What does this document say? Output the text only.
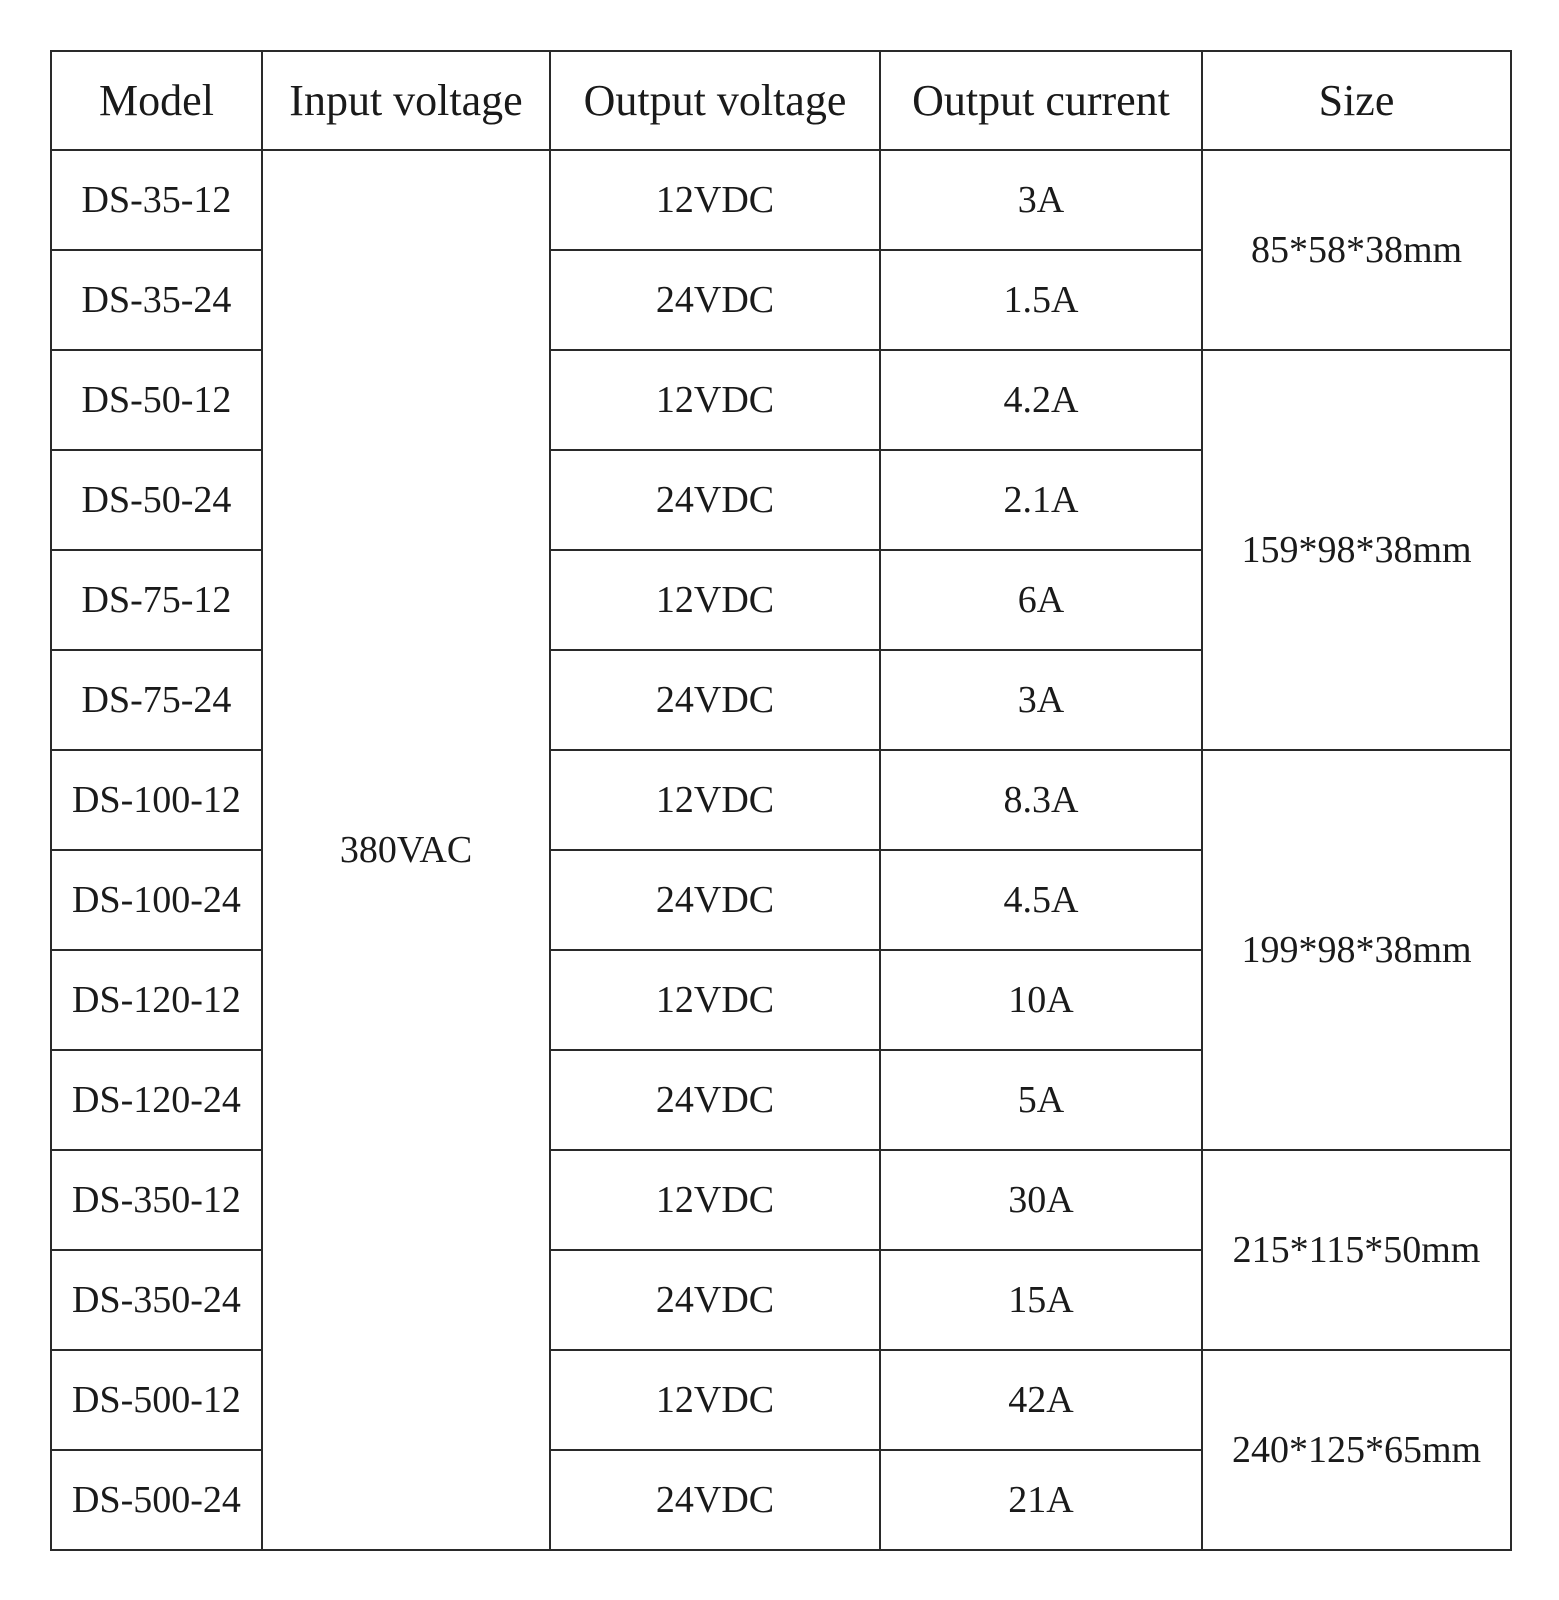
Model	Input voltage	Output voltage	Output current	Size
DS-35-12	380VAC	12VDC	3A	85*58*38mm
DS-35-24		24VDC	1.5A	
DS-50-12		12VDC	4.2A	159*98*38mm
DS-50-24		24VDC	2.1A	
DS-75-12		12VDC	6A	
DS-75-24		24VDC	3A	
DS-100-12		12VDC	8.3A	199*98*38mm
DS-100-24		24VDC	4.5A	
DS-120-12		12VDC	10A	
DS-120-24		24VDC	5A	
DS-350-12		12VDC	30A	215*115*50mm
DS-350-24		24VDC	15A	
DS-500-12		12VDC	42A	240*125*65mm
DS-500-24		24VDC	21A	
